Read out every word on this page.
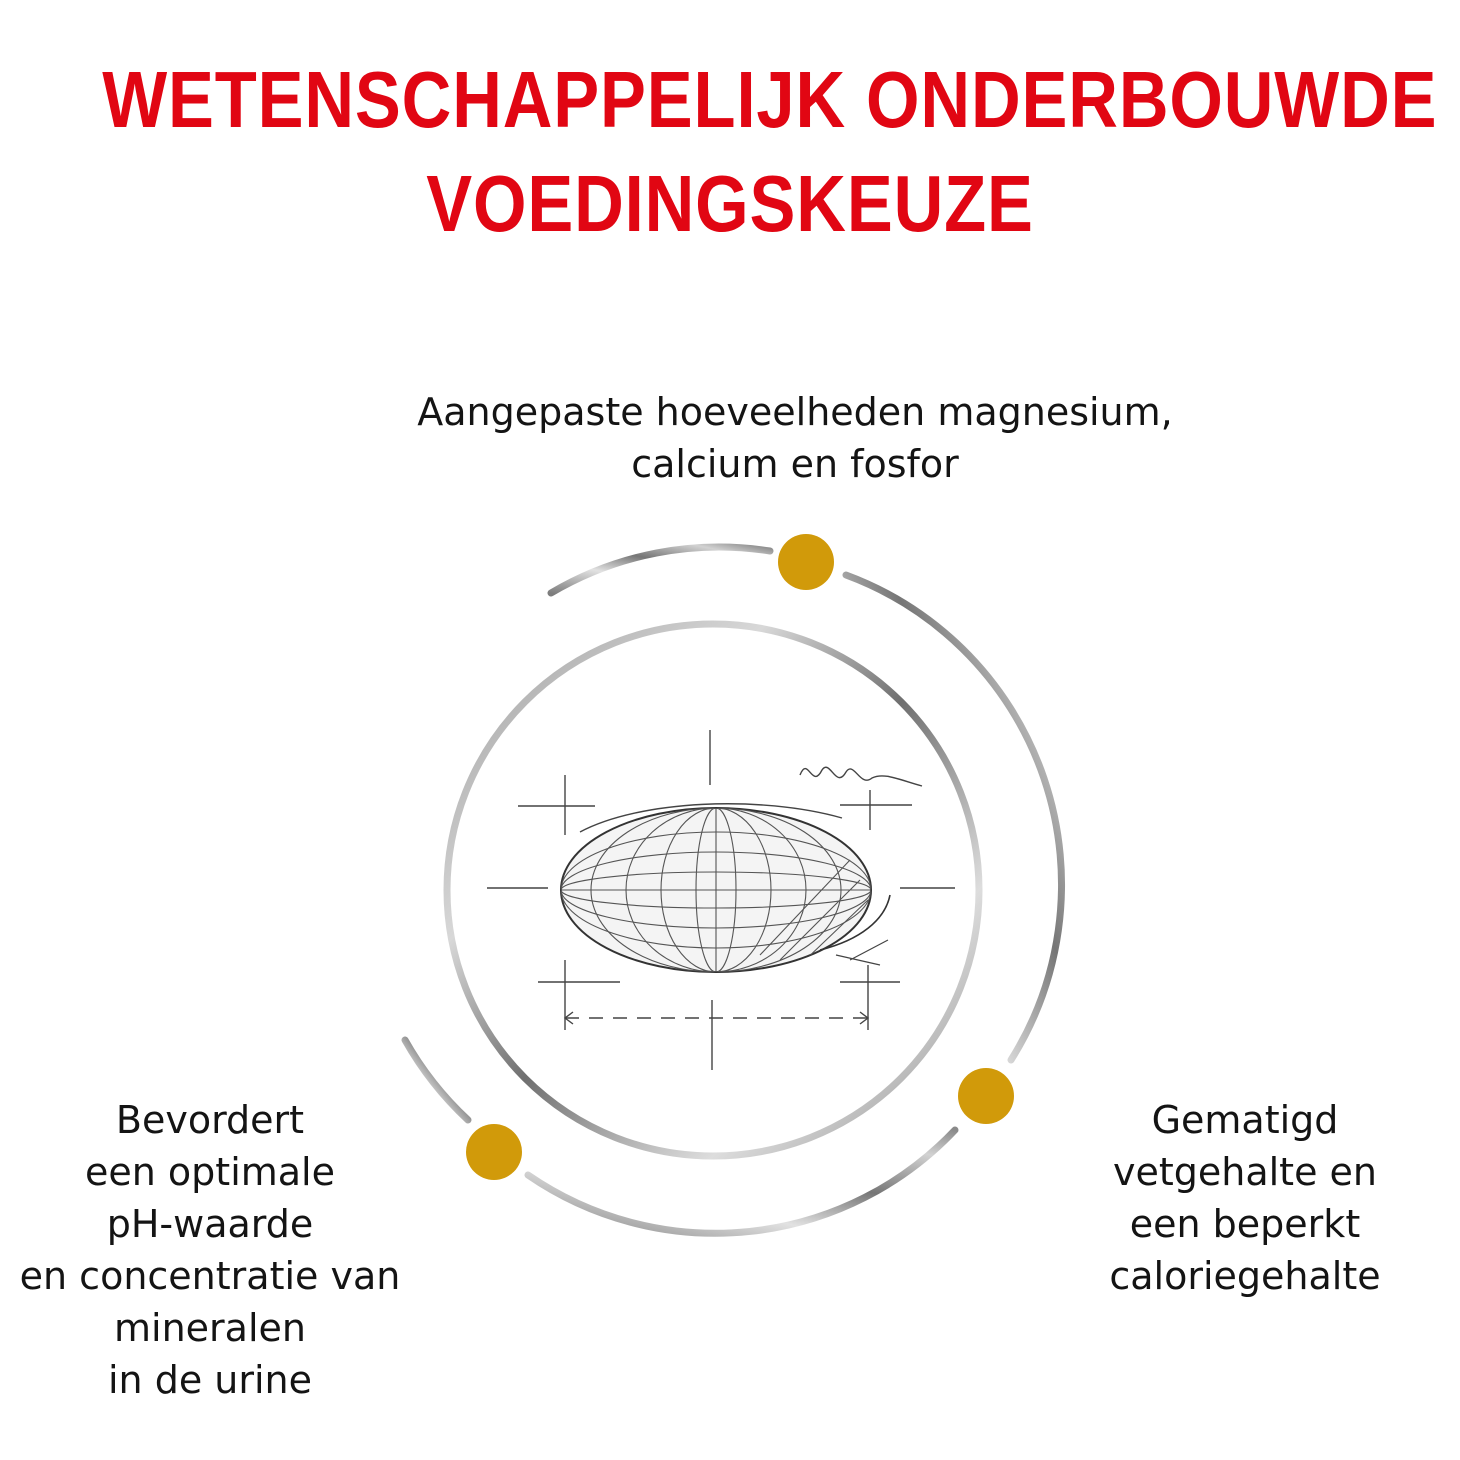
WETENSCHAPPELIJK ONDERBOUWDE
VOEDINGSKEUZE
Aangepaste hoeveelheden magnesium,
calcium en fosfor
Bevordert
een optimale
pH-waarde
en concentratie van
mineralen
in de urine
Gematigd
vetgehalte en
een beperkt
caloriegehalte
